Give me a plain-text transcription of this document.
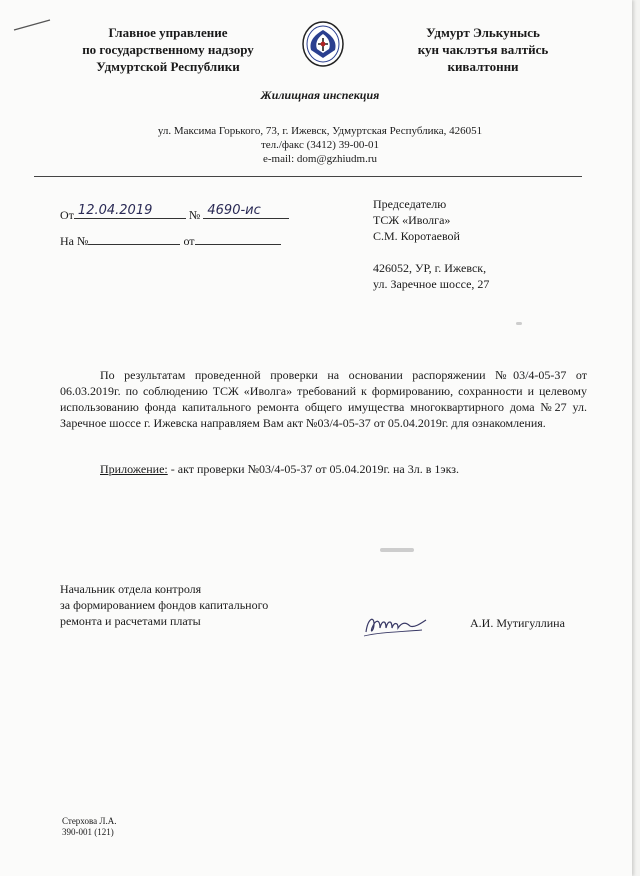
Главное управление
по государственному надзору
Удмуртской Республики
Удмурт Элькунысь
кун чаклэтъя валтйсь
кивалтонни
Жилищная инспекция
ул. Максима Горького, 73, г. Ижевск, Удмуртская Республика, 426051
тел./факс (3412) 39-00-01
e-mail: dom@gzhiudm.ru
От 12.04.2019	№ 4690-ис
На №	от
Председателю
ТСЖ «Иволга»
С.М. Коротаевой
426052, УР, г. Ижевск,
ул. Заречное шоссе, 27
По результатам проведенной проверки на основании распоряжении №03/4-05-37 от 06.03.2019г. по соблюдению ТСЖ «Иволга» требований к формированию, сохранности и целевому использованию фонда капитального ремонта общего имущества многоквартирного дома №27 ул. Заречное шоссе г. Ижевска направляем Вам акт №03/4-05-37 от 05.04.2019г. для ознакомления.
Приложение: - акт проверки №03/4-05-37 от 05.04.2019г. на 3л. в 1экз.
Начальник отдела контроля
за формированием фондов капитального
ремонта и расчетами платы	А.И. Мутигуллина
Стерхова Л.А.
390-001 (121)
